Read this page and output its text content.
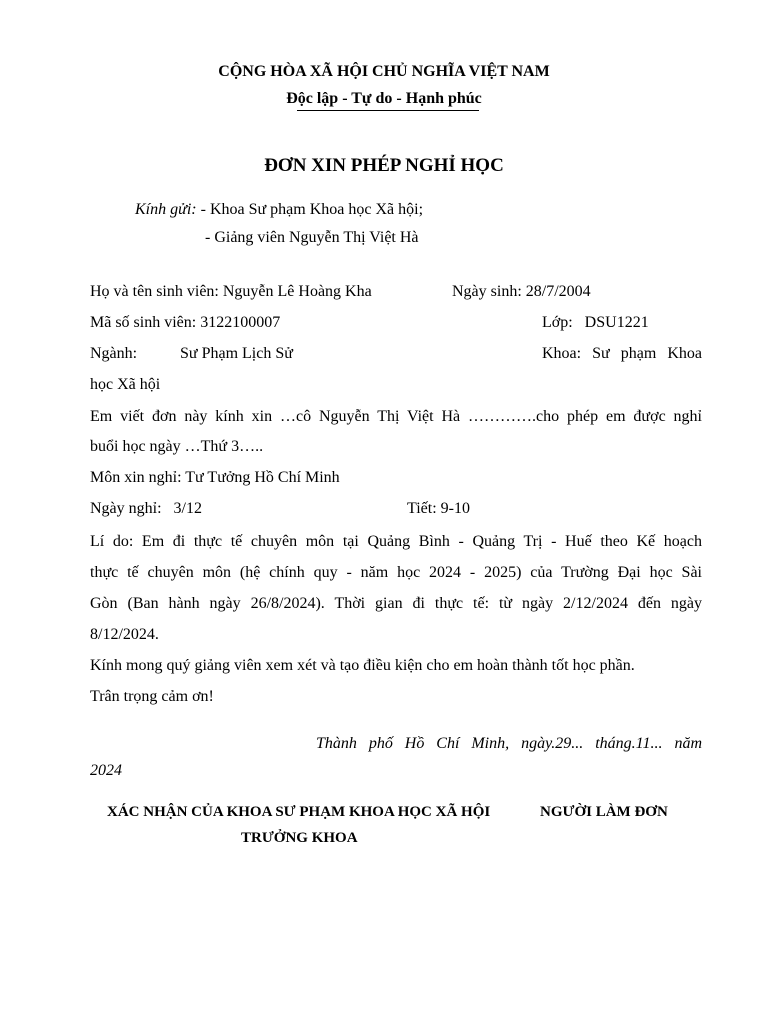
CỘNG HÒA XÃ HỘI CHỦ NGHĨA VIỆT NAM
Độc lập - Tự do - Hạnh phúc
ĐƠN XIN PHÉP NGHỈ HỌC
Kính gửi: - Khoa Sư phạm Khoa học Xã hội;
- Giảng viên Nguyễn Thị Việt Hà
Họ và tên sinh viên: Nguyễn Lê Hoàng Kha	Ngày sinh: 28/7/2004
Mã số sinh viên: 3122100007	Lớp:   DSU1221
Ngành:	Sư Phạm Lịch Sử	Khoa:  Sư  phạm  Khoa
học Xã hội
Em viết đơn này kính xin …cô Nguyễn Thị Việt Hà ………….cho phép em được nghỉ
buổi học ngày …Thứ 3…..
Môn xin nghỉ: Tư Tưởng Hồ Chí Minh
Ngày nghỉ:   3/12	Tiết: 9-10
Lí do: Em đi thực tế chuyên môn tại Quảng Bình - Quảng Trị - Huế theo Kế hoạch
thực tế chuyên môn (hệ chính quy - năm học 2024 - 2025) của Trường Đại học Sài
Gòn (Ban hành ngày 26/8/2024). Thời gian đi thực tế: từ ngày 2/12/2024 đến ngày
8/12/2024.
Kính mong quý giảng viên xem xét và tạo điều kiện cho em hoàn thành tốt học phần.
Trân trọng cảm ơn!
Thành  phố  Hồ  Chí  Minh,  ngày.29...  tháng.11...  năm
2024
XÁC NHẬN CỦA KHOA SƯ PHẠM KHOA HỌC XÃ HỘI	NGƯỜI LÀM ĐƠN
TRƯỞNG KHOA
